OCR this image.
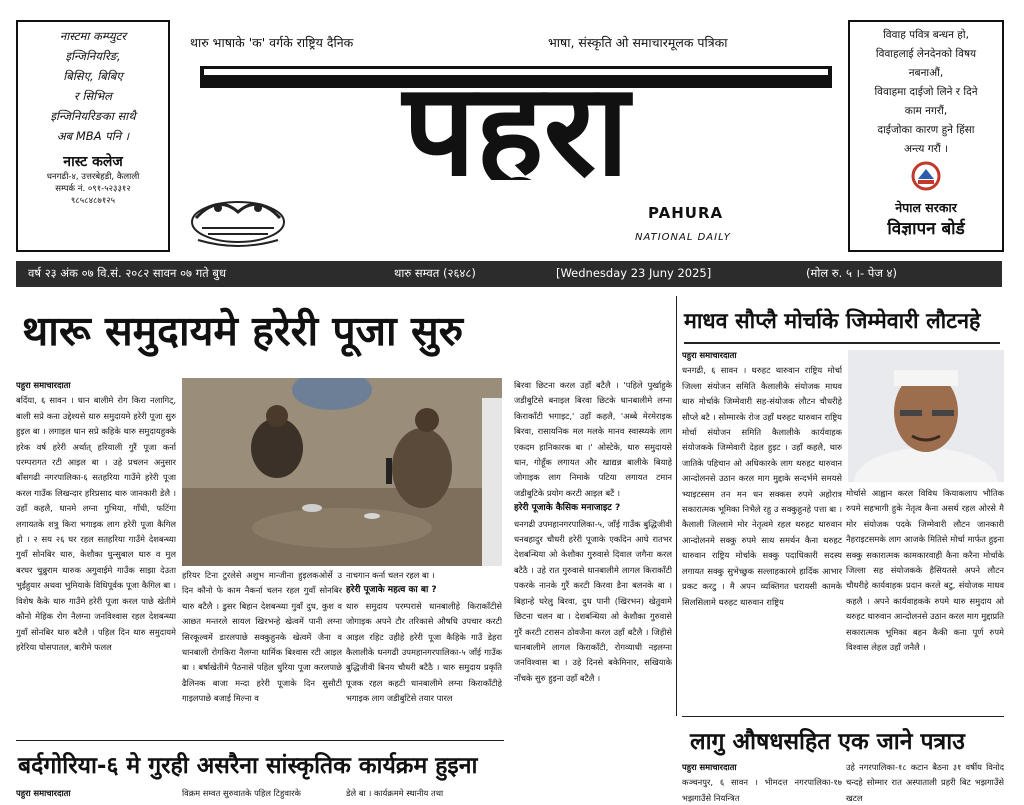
नास्टमा कम्प्युटर
इन्जिनियरिङ,
बिसिए, बिबिए
र सिभिल
इन्जिनियरिङका साथै
अब MBA पनि ।
नास्ट कलेज
धनगढी-४, उत्तरबेहडी, कैलाली
सम्पर्क नं. ०९१-५२३३१२
९८५८४८७१२५
थारु भाषाके 'क' वर्गके राष्ट्रिय दैनिक	भाषा, संस्कृति ओ समाचारमूलक पत्रिका
पहुरा
PAHURA
NATIONAL DAILY
विवाह पवित्र बन्धन हो,
विवाहलाई लेनदेनको विषय
नबनाऔं,
विवाहमा दाईजो लिने र दिने
काम नगरौं,
दाईजोका कारण हुने हिंसा
अन्त्य गरौं ।
नेपाल सरकार
विज्ञापन बोर्ड
वर्ष २३ अंक ०७ वि.सं. २०८२ सावन ०७ गते बुध	थारु सम्वत (२६४८)	[Wednesday 23 Juny 2025]	(मोल रु. ५ ।- पेज ४)
थारू समुदायमे हरेरी पूजा सुरु

पहुरा समाचारदाता

बर्दिया, ६ सावन । धान बालीमे रोग किरा नलागिट्, बाली सप्रे कना उद्देश्यसे थारु समुदायमे हरेरी पूजा सुरु हुइल बा । लगाइल धान सप्रे कहिके थारु समुदायहुक्के हरेक वर्ष हरेरी अर्थात् हरियाली गुरैं पूजा कर्ना परम्परागत रटी आइल बा । उहे प्रचलन अनुसार बाँसगढी नगरपालिका-६ सतहरिया गाउँमे हरेरी पूजा करल गाउँक लिखन्दार हरिप्रसाद थारु जानकारी डेलै । उहाँ कहलै, धानमे लग्ना गुभिया, गाँधी, फटिंगा लगायतके शत्रु किरा भगाइक लाग हरेरी पूजा कैगिल हो । २ सय २६ घर रहल सतहरिया गाउँमे देशबन्ध्या गुवाँ सोनबिर थारु, केशौका घुन्सुबाल थारु व मुल बरघर चुन्नुराम थारुक अगुवाईमे गाउँक साझा देउता भुईंहुयार अथवा भुमियाके विधिपूर्वक पूजा कैगिल बा । विशेष कैके थारु गाउँमे हरेरी पूजा करल पाछे खेतीमे कौनो मेहिक रोग नैलग्ना जनविश्वास रहल देशबन्ध्या गुवाँ सोनबिर थारु बटैलै । पहिल दिन थारु समुदायमे हरेरिया घोसपातल, बारीमे फलल

हरियर टिना टुरलेसे अशुभ मान्जीना हुइलकओर्से उ दिन कौनो फे काम नैकर्ना चलन रहल गुवाँ सोनबिर थारु बटैलै । डुसर बिहान देशबन्ध्या गुवाँ दुध, कुश व आछत मन्तरले सायल खिरभन्हे खेत्वमें पानी लग्ना सिरकूल्वमें डारलपाछे सक्कुहुनके खेत्वमें जैना व धानबाली रोगकिरा नैलग्ना धार्मिक बिश्वास रटी आइल बा । बर्षाखेतीमे पैठनासे पहिल धुरिया पूजा करलपाछे ढैलिनक बाजा मन्दा हरेरी पूजाके दिन सुसौटी गाइलपाछे बजाई मिल्ना व

नाचगान कर्ना चलन रहल बा ।

हरेरी पूजाके महत्व का बा ?

थारु समुदाय परम्परासे धानबालीहे किराकाँटीसे जोगाइक अपने टौर तरिकासे औषधि उपचार करटी आइल रहिट उहीहे हरेरी पूजा कैहिके गाउँ डेहरा कैलालीके धनगढी उपमहानगरपालिका-५ जाँई गाउँक बुद्धिजीवी बिनय चौधरी बटैठै । थारु समुदाय प्रकृति पूजक रहल कहटी धानबालीमे लग्ना किराकाँटीहे भगाइक लाग जडीबुटिसे तयार पारल

बिरवा छिटना करल उहाँ बटैलै । 'पहिले पुर्खाहुके जडीबुटिसे बनाइल बिरवा छिटके धानबालीमे लग्ना किराकाँटी भगाइट,' उहाँ कहलै, 'अब्बे मेरमेराइक बिरवा, रासायनिक मल मलके मानव स्वास्थ्यके लाग एकदम हानिकारक बा ।' ओस्टेके, थारु समुदायसे धान, गोहूँक लगायत और खाद्यन्न बालीके बियाहे जोगाइक लाग निमाके पटिया लगायत टमान जडीबुटिके प्रयोग करटी आइल बटैं ।

हरेरी पूजाके कैसिक मनाजाइट ?

धनगढी उपमहानगरपालिका-५, जाँई गाउँक बुद्धिजीवी धनबहादुर चौधरी हरेरी पूजाके एकदिन आघे रातभर देशबन्धिया ओ केशौका गुरुवासे दिवाल जगैना करल बटैठै । उहे रात गुरुवासे धानबालीमे लागल किराकाँटी पकरके नानके गुरैं करटी किरवा डैना बलनके बा । बिहान्हे घरेलु बिरवा, दुध पानी (खिरभन) खेतुवामे छिटना चलन बा । देशबन्धिया ओ केशौका गुरुवासे गुरैं करटी टरासन ठोवजैना करल उहाँ बटैलै । जिहीसे धानबालीमे लागल किराकाँटी, रोगव्याधी नइलग्ना जनविश्वास बा । उहे दिनसे बकेमिनार, सखियाके नाँचके सुरु हुइना उहाँ बटैलै ।

माधव सौप्लै मोर्चाके जिम्मेवारी लौटनहे

पहुरा समाचारदाता

धनगढी, ६ सावन । थरुहट थारुवान राष्ट्रिय मोर्चा जिल्ला संयोजन समिति कैलालीके संयोजक माधव थारु मोर्चाके जिम्मेवारी सह-संयोजक लौटन चौधरीहे सौप्ले बटै । सोम्मारके रोज उहाँ थरुहट थारुवान राष्ट्रिय मोर्चा संयोजन समिति कैलालीके कार्यवाहक संयोजकके जिम्मेवारी देहल हुइट । उहाँ कहलै, थारु जातिके पहिचान ओ अधिकारके लाग थरुहट थारुवान आन्दोलनसे उठान करल माग मुद्दाके सन्दर्भमे समयसे भ्याइटस्सम तन मन धन सक्कस रुपमे अहोरात्र सकारात्मक भूमिका निभैले रहु उ सक्कुहुनहे पत्ता बा । कैलाली जिल्लामे मोर नेतृत्वमे रहल थरुहट थारुवान आन्दोलनमे सक्कु रुपमे साथ समर्थन कैना थरुहट थारुवान राष्ट्रिय मोर्चाके सक्कु पदाधिकारी सदस्य लगायत सक्कु सुभेच्छुक सल्लाहकारमे हार्दिक आभार प्रकट करटु । मै अपन व्यक्तिगत घरायसी कामके सिलसिलामे थरुहट थारुवान राष्ट्रिय

मोर्चासे आह्वान करल विविध कियाकलाप भौतिक रुपमे सहभागी हुके नेतृत्व कैना असर्थ रहल ओरसे मै मोर संयोजक पदके जिम्मेवारी लौटन जानकारी नैहराइटसमके लाग आजके मितिसे मोर्चा मार्फत हुइना सक्कु सकारात्मक कामकारवाही कैना करैना मोर्चाके जिल्ला सह संयोजकके हैसियतसे अपने लौटन चौधरीहे कार्यवाहक प्रदान करले बटु, संयोजक माधव कहलै । अपने कार्यवाहकके रुपमे थारु समुदाय ओ थरुहट थारुवान आन्दोलनसे उठान करल माग मुद्दाप्रति सकारात्मक भूमिका बहन कैकी कना पूर्ण रुपमे विश्वास लेहल उहाँ जनैलै ।

बर्दगोरिया-६ मे गुरही असरैना सांस्कृतिक कार्यक्रम हुइना

पहुरा समाचारदाता	विक्रम सम्वत सुरुवातके पहिल टिहुवारके	डेले बा । कार्यक्रममे स्थानीय तथा

लागु औषधसहित एक जाने पत्राउ

पहुरा समाचारदाता

कञ्चनपुर, ६ सावन । भीमदत्त नगरपालिका-१७ भझगाउँसे नियन्त्रित

उहे नगरपालिका-१८ कटान बैठना ३१ वर्षीय विनोद चन्दहे सोम्मार रात अस्पाताली प्रहरी बिट भझगाउँसे खटल
